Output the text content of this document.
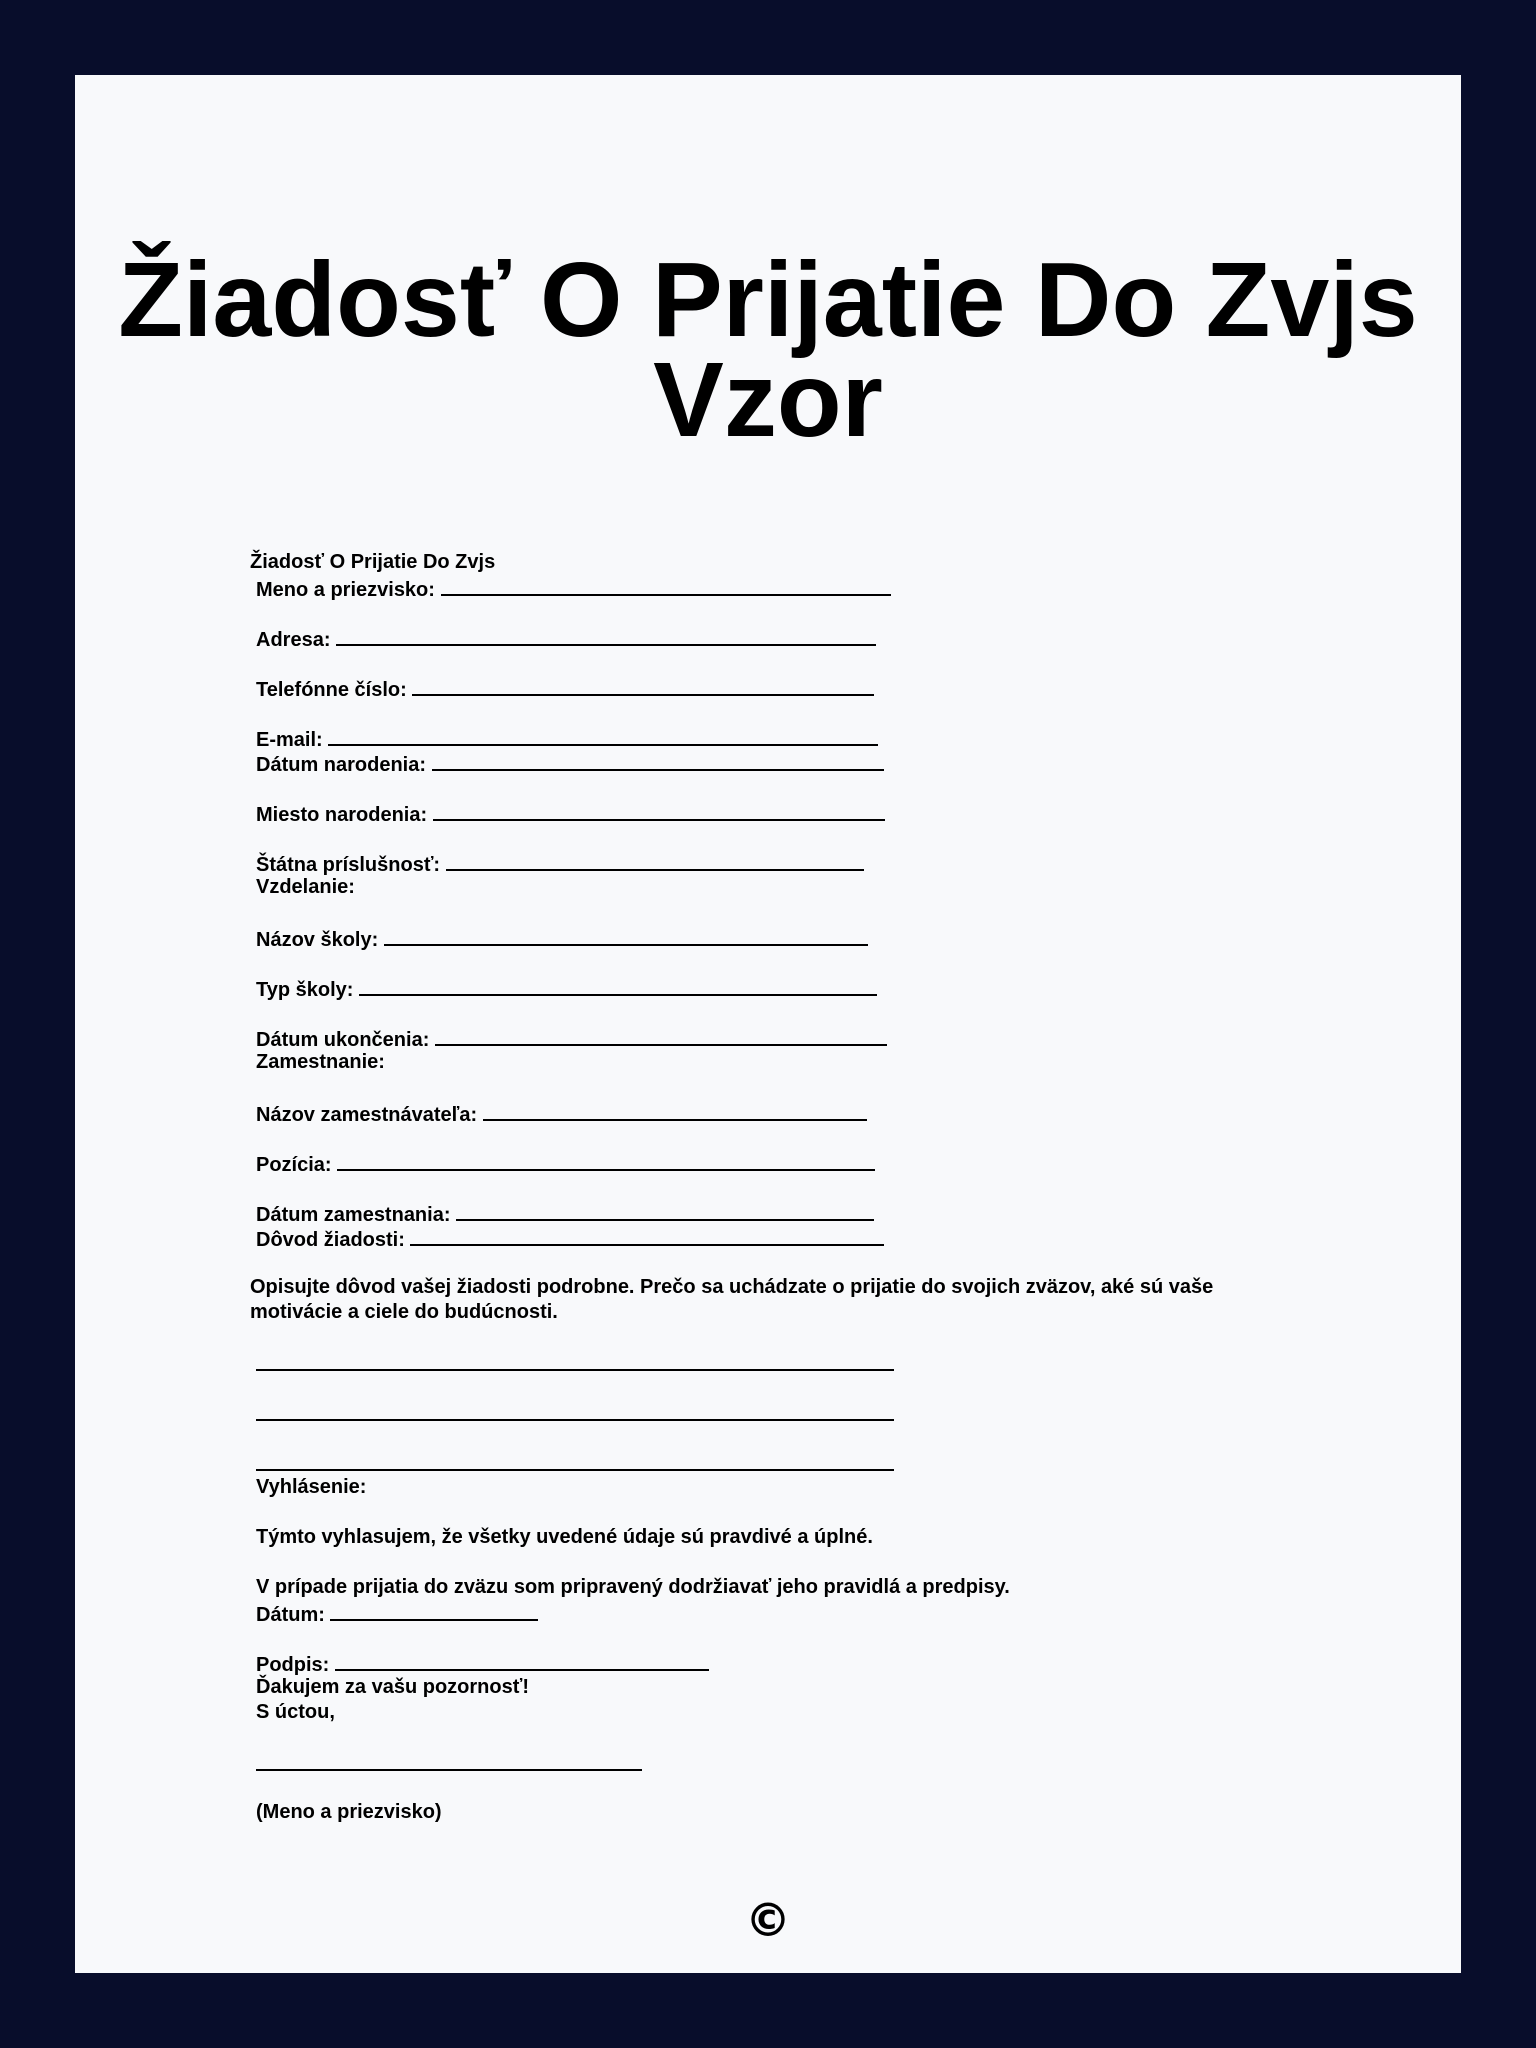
Žiadosť O Prijatie Do Zvjs
Vzor
Žiadosť O Prijatie Do Zvjs
Meno a priezvisko:
Adresa:
Telefónne číslo:
E-mail:
Dátum narodenia:
Miesto narodenia:
Štátna príslušnosť:
Vzdelanie:
Názov školy:
Typ školy:
Dátum ukončenia:
Zamestnanie:
Názov zamestnávateľa:
Pozícia:
Dátum zamestnania:
Dôvod žiadosti:

Opisujte dôvod vašej žiadosti podrobne. Prečo sa uchádzate o prijatie do svojich zväzov, aké sú vaše motivácie a ciele do budúcnosti.

Vyhlásenie:
Týmto vyhlasujem, že všetky uvedené údaje sú pravdivé a úplné.
V prípade prijatia do zväzu som pripravený dodržiavať jeho pravidlá a predpisy.
Dátum:
Podpis:
Ďakujem za vašu pozornosť!
S úctou,
(Meno a priezvisko)
©
